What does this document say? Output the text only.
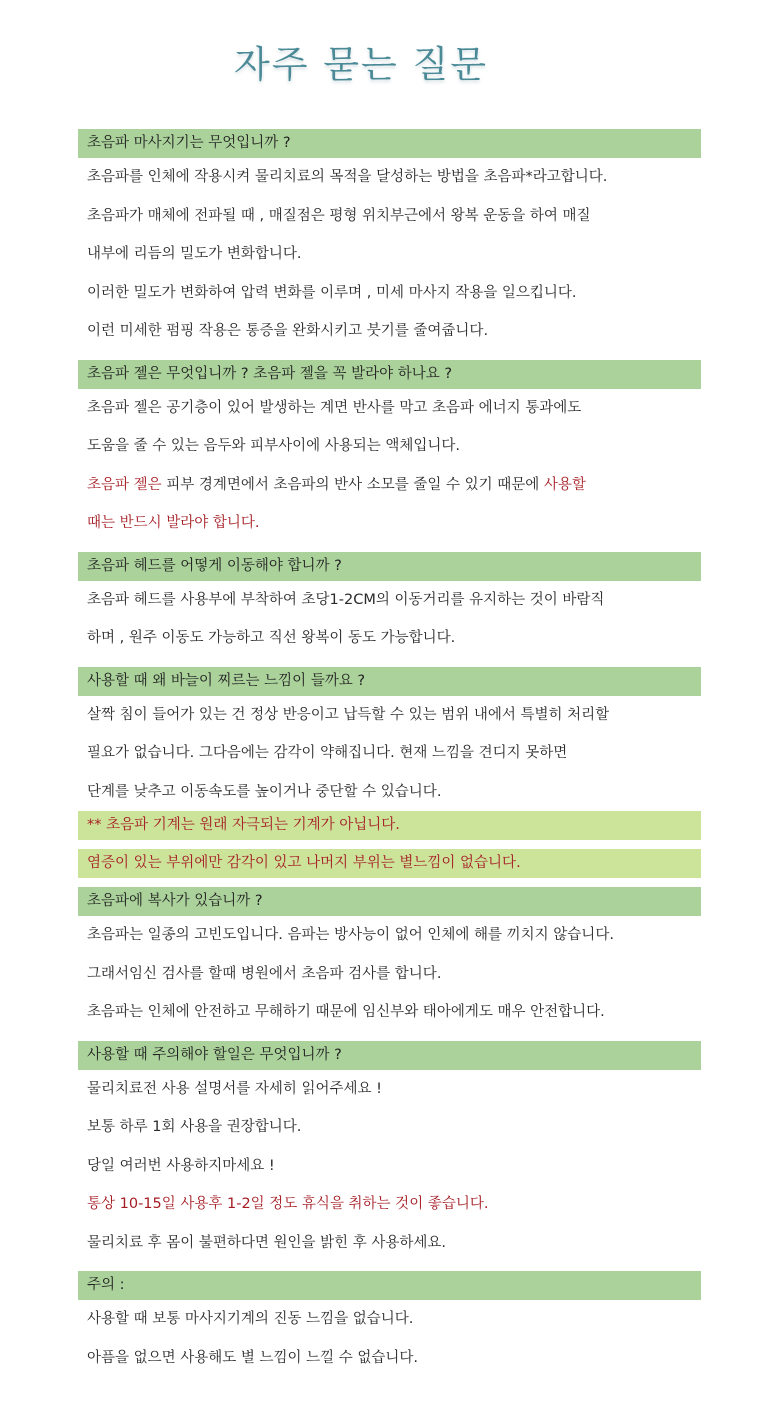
자주 묻는 질문
초음파 마사지기는 무엇입니까 ?
초음파를 인체에 작용시켜 물리치료의 목적을 달성하는 방법을 초음파*라고합니다.
초음파가 매체에 전파될 때 , 매질점은 평형 위치부근에서 왕복 운동을 하여 매질
내부에 리듬의 밀도가 변화합니다.
이러한 밀도가 변화하여 압력 변화를 이루며 , 미세 마사지 작용을 일으킵니다.
이런 미세한 펌핑 작용은 통증을 완화시키고 붓기를 줄여줍니다.
초음파 젤은 무엇입니까 ? 초음파 젤을 꼭 발라야 하나요 ?
초음파 젤은 공기층이 있어 발생하는 계면 반사를 막고 초음파 에너지 통과에도
도움을 줄 수 있는 음두와 피부사이에 사용되는 액체입니다.
초음파 젤은 피부 경계면에서 초음파의 반사 소모를 줄일 수 있기 때문에 사용할
때는 반드시 발라야 합니다.
초음파 헤드를 어떻게 이동해야 합니까 ?
초음파 헤드를 사용부에 부착하여 초당1-2CM의 이동거리를 유지하는 것이 바람직
하며 , 원주 이동도 가능하고 직선 왕복이 동도 가능합니다.
사용할 때 왜 바늘이 찌르는 느낌이 들까요 ?
살짝 침이 들어가 있는 건 정상 반응이고 납득할 수 있는 범위 내에서 특별히 처리할
필요가 없습니다. 그다음에는 감각이 약해집니다. 현재 느낌을 견디지 못하면
단계를 낮추고 이동속도를 높이거나 중단할 수 있습니다.
** 초음파 기계는 원래 자극되는 기계가 아닙니다.
염증이 있는 부위에만 감각이 있고 나머지 부위는 별느낌이 없습니다.
초음파에 복사가 있습니까 ?
초음파는 일종의 고빈도입니다. 음파는 방사능이 없어 인체에 해를 끼치지 않습니다.
그래서임신 검사를 할때 병원에서 초음파 검사를 합니다.
초음파는 인체에 안전하고 무해하기 때문에 임신부와 태아에게도 매우 안전합니다.
사용할 때 주의해야 할일은 무엇입니까 ?
물리치료전 사용 설명서를 자세히 읽어주세요 !
보통 하루 1회 사용을 권장합니다.
당일 여러번 사용하지마세요 !
통상 10-15일 사용후 1-2일 정도 휴식을 취하는 것이 좋습니다.
물리치료 후 몸이 불편하다면 원인을 밝힌 후 사용하세요.
주의 :
사용할 때 보통 마사지기계의 진동 느낌을 없습니다.
아픔을 없으면 사용해도 별 느낌이 느낄 수 없습니다.
